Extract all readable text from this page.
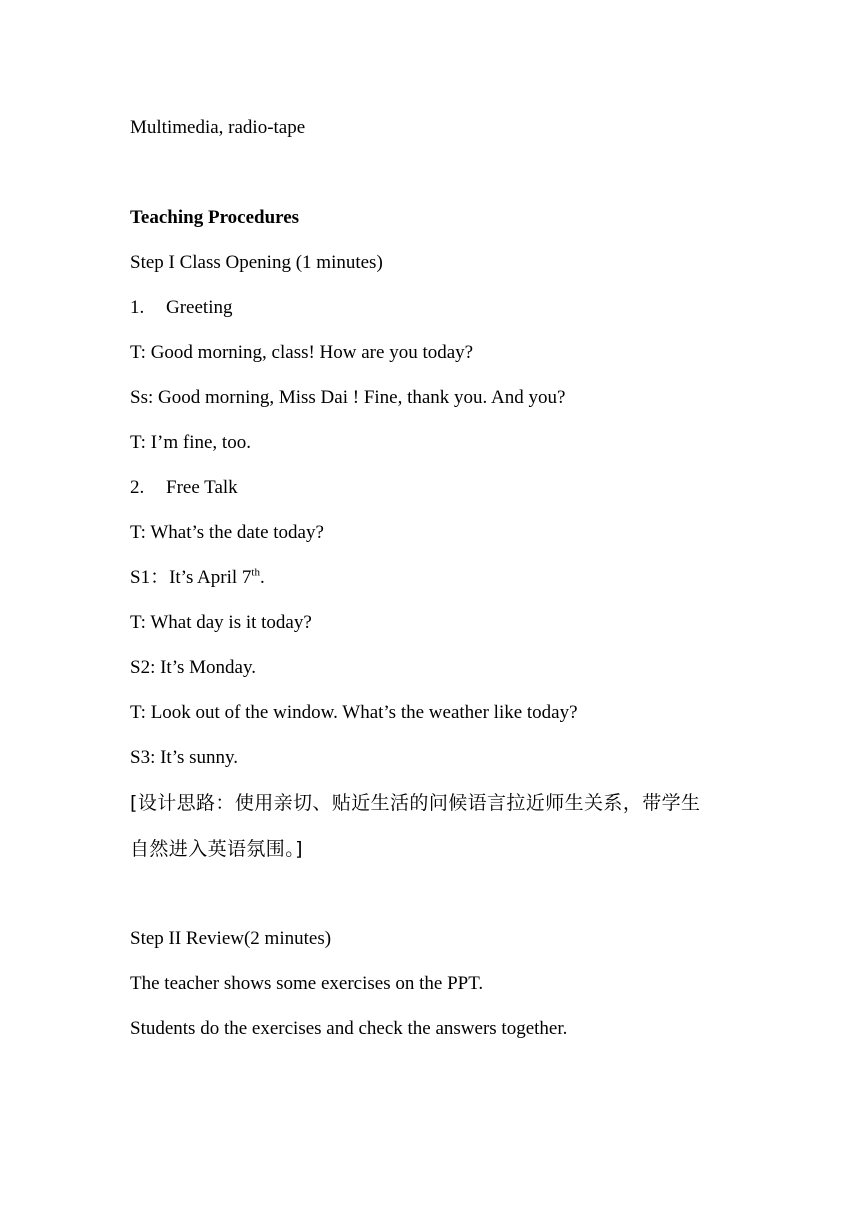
Multimedia, radio-tape
Teaching Procedures
Step I Class Opening (1 minutes)
1. Greeting
T: Good morning, class! How are you today?
Ss: Good morning, Miss Dai ! Fine, thank you. And you?
T: I’m fine, too.
2. Free Talk
T: What’s the date today?
S1：It’s April 7th.
T: What day is it today?
S2: It’s Monday.
T: Look out of the window. What’s the weather like today?
S3: It’s sunny.
[设计思路：使用亲切、贴近生活的问候语言拉近师生关系，带学生
自然进入英语氛围。]
Step II Review(2 minutes)
The teacher shows some exercises on the PPT.
Students do the exercises and check the answers together.
